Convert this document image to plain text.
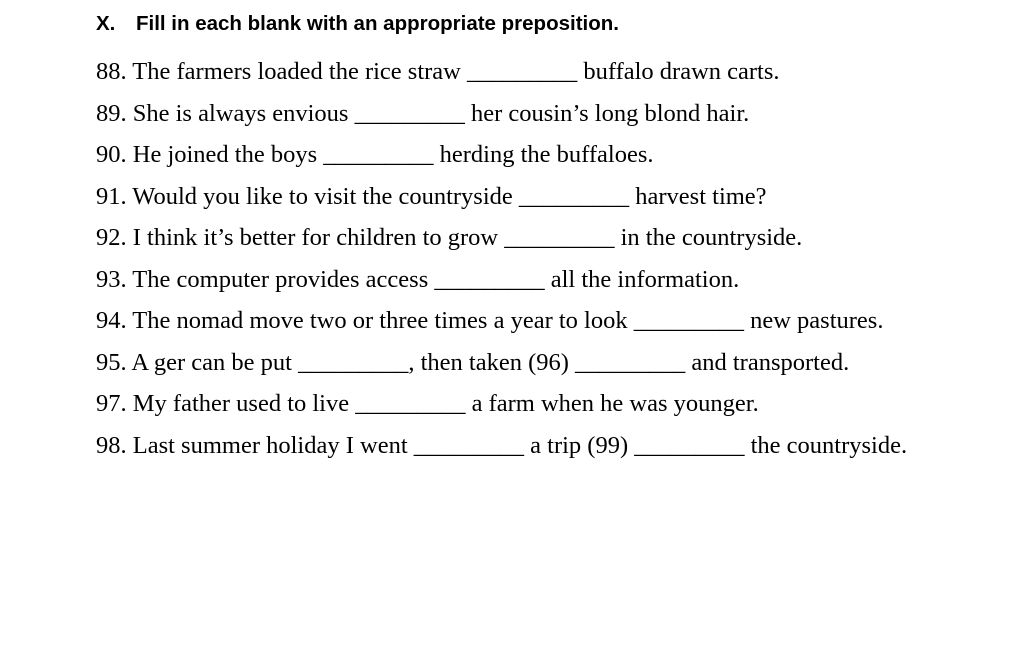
X. Fill in each blank with an appropriate preposition.
88. The farmers loaded the rice straw _________ buffalo drawn carts.
89. She is always envious _________ her cousin’s long blond hair.
90. He joined the boys _________ herding the buffaloes.
91. Would you like to visit the countryside _________ harvest time?
92. I think it’s better for children to grow _________ in the countryside.
93. The computer provides access _________ all the information.
94. The nomad move two or three times a year to look _________ new pastures.
95. A ger can be put _________, then taken (96) _________ and transported.
97. My father used to live _________ a farm when he was younger.
98. Last summer holiday I went _________ a trip (99) _________ the countryside.
